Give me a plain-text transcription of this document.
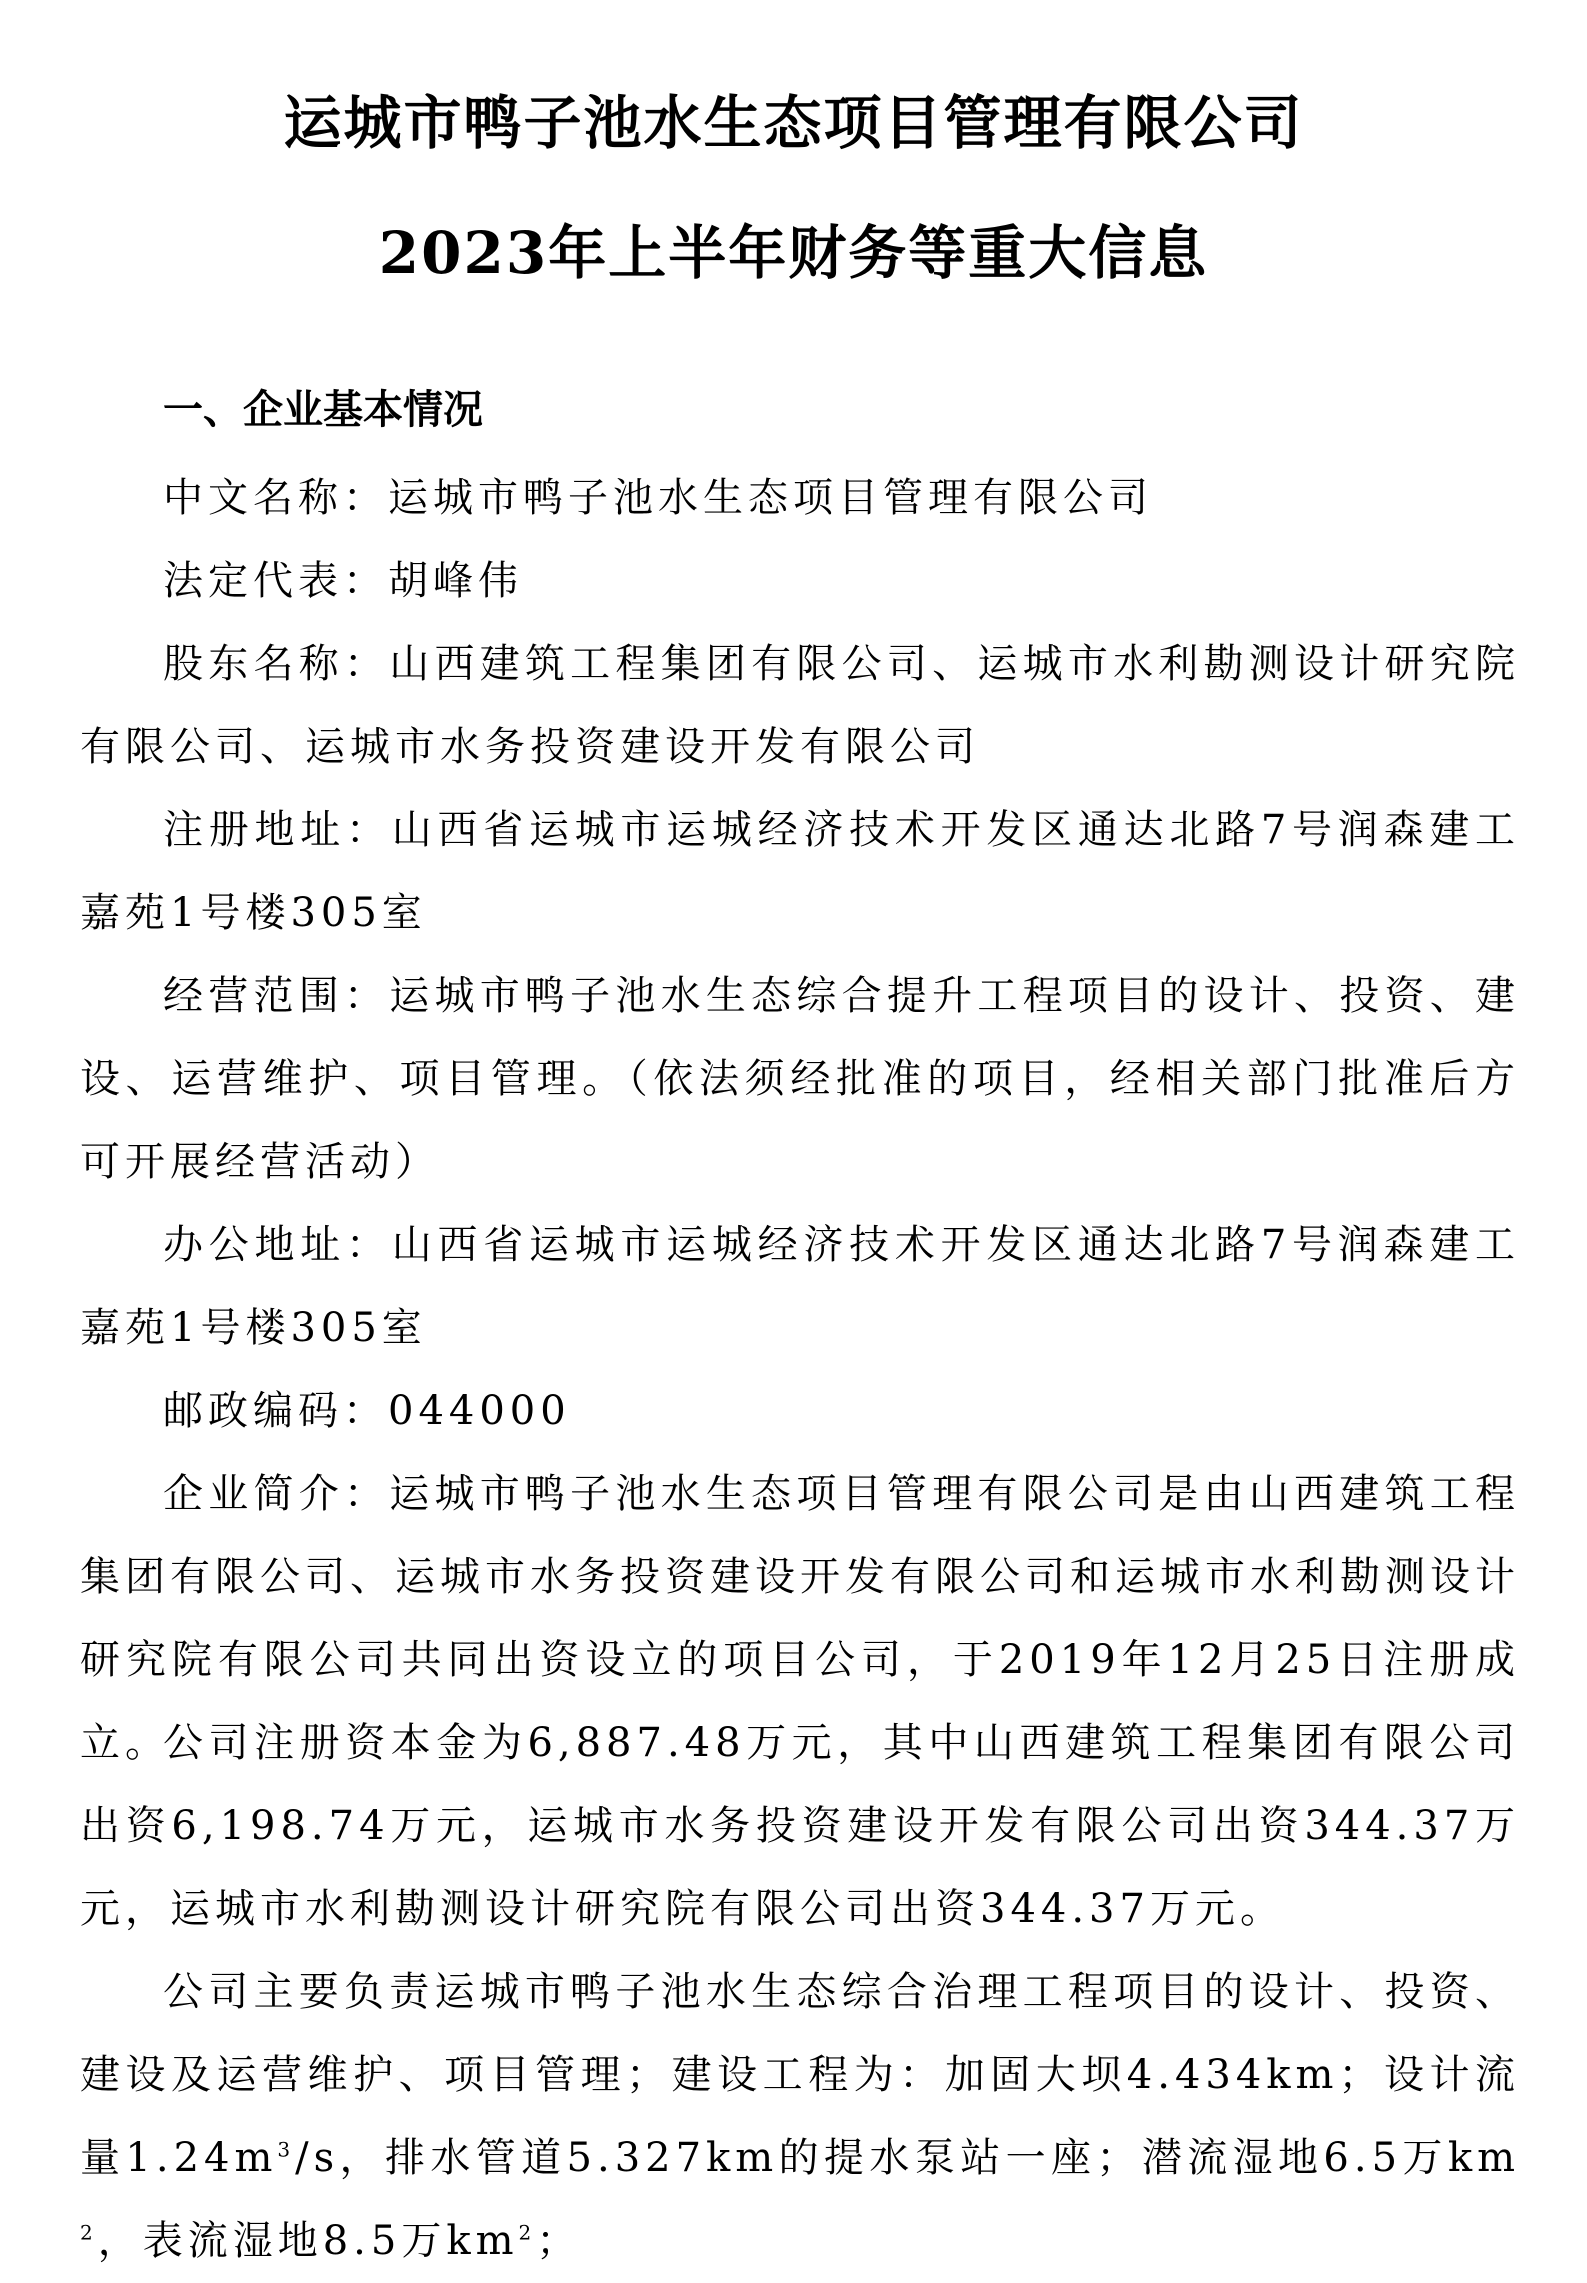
运城市鸭子池水生态项目管理有限公司
2023年上半年财务等重大信息
一、企业基本情况
中文名称：运城市鸭子池水生态项目管理有限公司
法定代表：胡峰伟
股东名称：山西建筑工程集团有限公司、运城市水利勘测设计研究院有限公司、运城市水务投资建设开发有限公司
注册地址：山西省运城市运城经济技术开发区通达北路7号润森建工嘉苑1号楼305室
经营范围：运城市鸭子池水生态综合提升工程项目的设计、投资、建设、运营维护、项目管理。（依法须经批准的项目，经相关部门批准后方可开展经营活动）
办公地址：山西省运城市运城经济技术开发区通达北路7号润森建工嘉苑1号楼305室
邮政编码：044000
企业简介：运城市鸭子池水生态项目管理有限公司是由山西建筑工程集团有限公司、运城市水务投资建设开发有限公司和运城市水利勘测设计研究院有限公司共同出资设立的项目公司，于2019年12月25日注册成立。
公司注册资本金为6,887.48万元，其中山西建筑工程集团有限公司出资6,198.74万元，运城市水务投资建设开发有限公司出资344.37万元，运城市水利勘测设计研究院有限公司出资344.37万元。
公司主要负责运城市鸭子池水生态综合治理工程项目的设计、投资、建设及运营维护、项目管理；建设工程为：加固大坝4.434km；设计流量$1.24m^3/s$，排水管道5.327km的提水泵站一座；潜流湿地6.5万$km^2$，表流湿地8.5万$km^2$；
